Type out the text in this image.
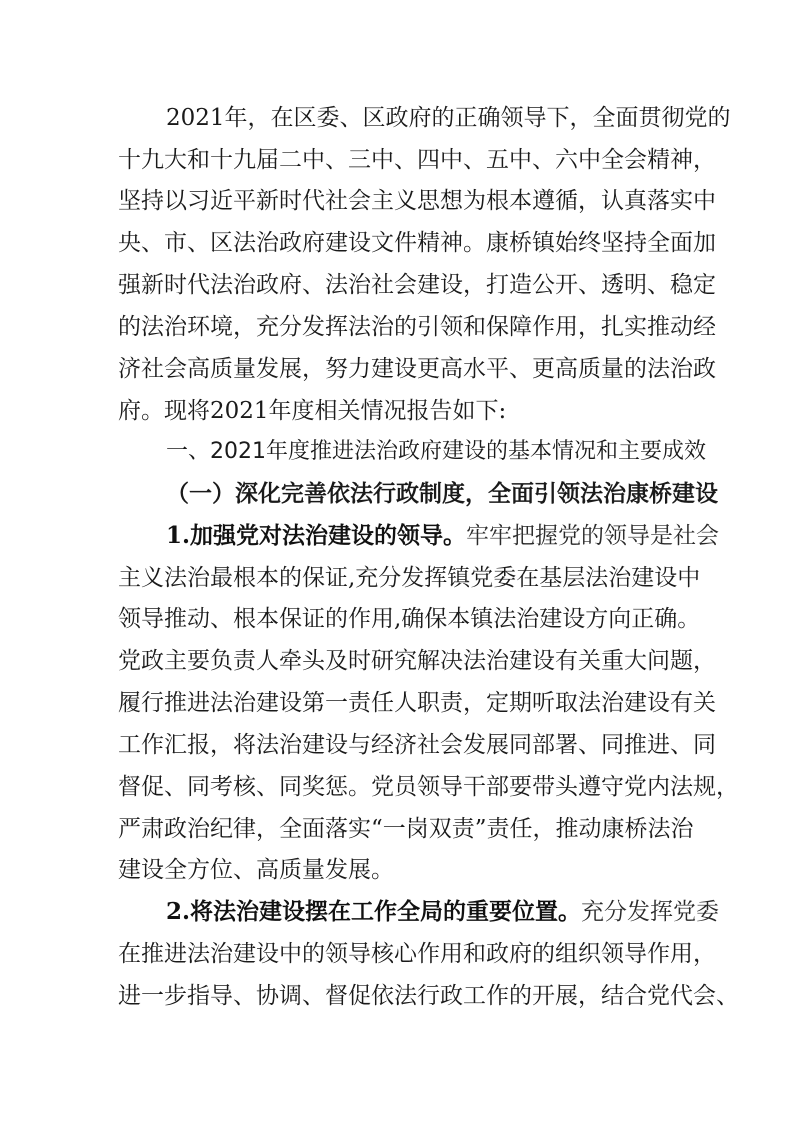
2021年，在区委、区政府的正确领导下，全面贯彻党的
十九大和十九届二中、三中、四中、五中、六中全会精神，
坚持以习近平新时代社会主义思想为根本遵循，认真落实中
央、市、区法治政府建设文件精神。康桥镇始终坚持全面加
强新时代法治政府、法治社会建设，打造公开、透明、稳定
的法治环境，充分发挥法治的引领和保障作用，扎实推动经
济社会高质量发展，努力建设更高水平、更高质量的法治政
府。现将2021年度相关情况报告如下:
一、2021年度推进法治政府建设的基本情况和主要成效
（一）深化完善依法行政制度，全面引领法治康桥建设
1.加强党对法治建设的领导。牢牢把握党的领导是社会
主义法治最根本的保证,充分发挥镇党委在基层法治建设中
领导推动、根本保证的作用,确保本镇法治建设方向正确。
党政主要负责人牵头及时研究解决法治建设有关重大问题，
履行推进法治建设第一责任人职责，定期听取法治建设有关
工作汇报，将法治建设与经济社会发展同部署、同推进、同
督促、同考核、同奖惩。党员领导干部要带头遵守党内法规，
严肃政治纪律，全面落实“一岗双责”责任，推动康桥法治
建设全方位、高质量发展。
2.将法治建设摆在工作全局的重要位置。充分发挥党委
在推进法治建设中的领导核心作用和政府的组织领导作用，
进一步指导、协调、督促依法行政工作的开展，结合党代会、
